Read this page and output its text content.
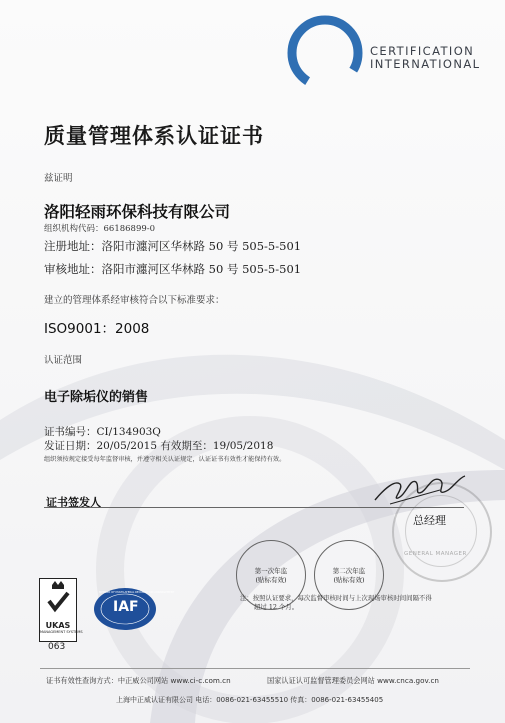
CERTIFICATION
INTERNATIONAL
质量管理体系认证证书
兹证明
洛阳轻雨环保科技有限公司
组织机构代码：66186899-0
注册地址：洛阳市瀍河区华林路 50 号 505-5-501
审核地址：洛阳市瀍河区华林路 50 号 505-5-501
建立的管理体系经审核符合以下标准要求：
ISO9001：2008
认证范围
电子除垢仪的销售
证书编号：CI/134903Q
发证日期：20/05/2015 有效期至：19/05/2018
组织须按规定接受每年监督审核，并遵守相关认证规定，认证证书有效性才能保持有效。
GENERAL MANAGER
证书签发人
总经理
第一次年监
(贴标有效)
第二次年监
(贴标有效)
注：按照认证要求，每次监督审核时间与上次现场审核时间间隔不得
超过 12 个月。
UKAS
MANAGEMENT SYSTEMS
063
IAF
MEMBER OF MULTILATERAL RECOGNITION ARRANGEMENT
证书有效性查询方式：中正威公司网站 www.ci-c.com.cn	国家认证认可监督管理委员会网站 www.cnca.gov.cn
上海中正威认证有限公司 电话：0086-021-63455510 传真：0086-021-63455405
